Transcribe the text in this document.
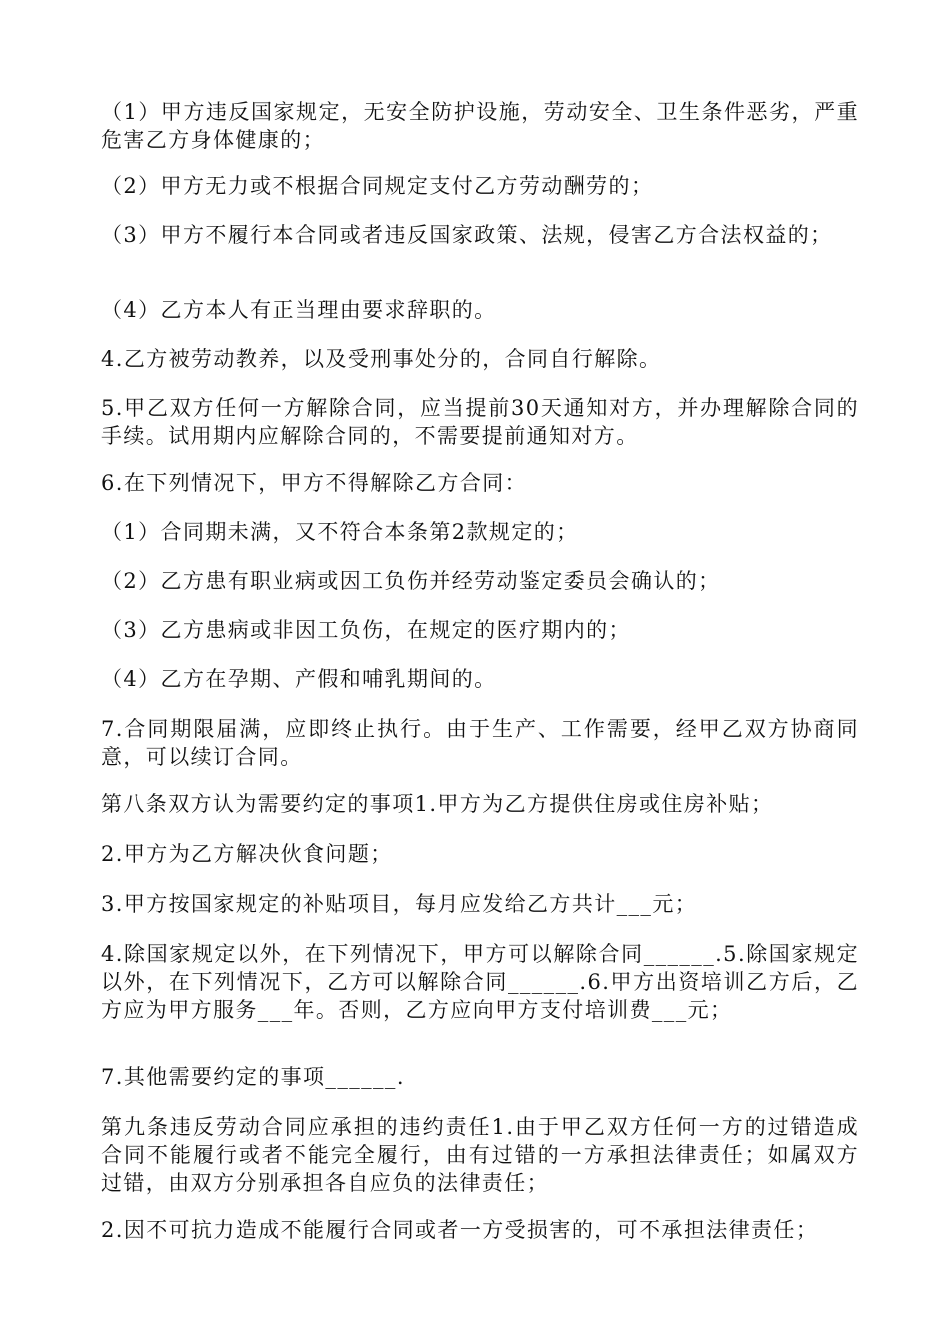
（1）甲方违反国家规定，无安全防护设施，劳动安全、卫生条件恶劣，严重危害乙方身体健康的；

（2）甲方无力或不根据合同规定支付乙方劳动酬劳的；

（3）甲方不履行本合同或者违反国家政策、法规，侵害乙方合法权益的；

（4）乙方本人有正当理由要求辞职的。

4.乙方被劳动教养，以及受刑事处分的，合同自行解除。

5.甲乙双方任何一方解除合同，应当提前30天通知对方，并办理解除合同的手续。试用期内应解除合同的，不需要提前通知对方。

6.在下列情况下，甲方不得解除乙方合同：

（1）合同期未满，又不符合本条第2款规定的；

（2）乙方患有职业病或因工负伤并经劳动鉴定委员会确认的；

（3）乙方患病或非因工负伤，在规定的医疗期内的；

（4）乙方在孕期、产假和哺乳期间的。

7.合同期限届满，应即终止执行。由于生产、工作需要，经甲乙双方协商同意，可以续订合同。

第八条双方认为需要约定的事项1.甲方为乙方提供住房或住房补贴；

2.甲方为乙方解决伙食问题；

3.甲方按国家规定的补贴项目，每月应发给乙方共计___元；

4.除国家规定以外，在下列情况下，甲方可以解除合同______.5.除国家规定以外，在下列情况下，乙方可以解除合同______.6.甲方出资培训乙方后，乙方应为甲方服务___年。否则，乙方应向甲方支付培训费___元；

7.其他需要约定的事项______.

第九条违反劳动合同应承担的违约责任1.由于甲乙双方任何一方的过错造成合同不能履行或者不能完全履行，由有过错的一方承担法律责任；如属双方过错，由双方分别承担各自应负的法律责任；

2.因不可抗力造成不能履行合同或者一方受损害的，可不承担法律责任；
